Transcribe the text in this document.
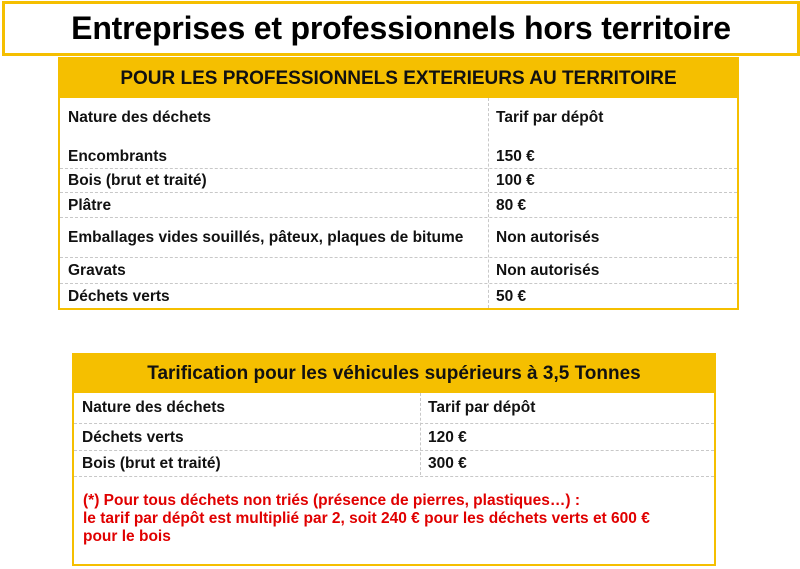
Entreprises et professionnels hors territoire
POUR LES PROFESSIONNELS EXTERIEURS AU TERRITOIRE
Nature des déchets	Tarif par dépôt
Encombrants	150 €
Bois (brut et traité)	100 €
Plâtre	80 €
Emballages vides souillés, pâteux, plaques de bitume	Non autorisés
Gravats	Non autorisés
Déchets verts	50 €
Tarification pour les véhicules supérieurs à 3,5 Tonnes
Nature des déchets	Tarif par dépôt
Déchets verts	120 €
Bois (brut et traité)	300 €
(*) Pour tous déchets non triés (présence de pierres, plastiques…) :
le tarif par dépôt est multiplié par 2, soit 240 € pour les déchets verts et 600 €
pour le bois
